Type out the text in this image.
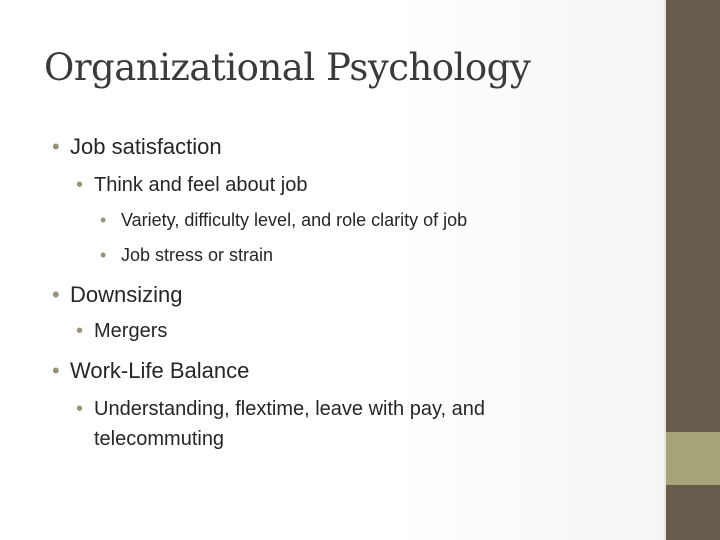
Organizational Psychology
• Job satisfaction
• Think and feel about job
• Variety, difficulty level, and role clarity of job
• Job stress or strain
• Downsizing
• Mergers
• Work-Life Balance
• Understanding, flextime, leave with pay, and
telecommuting
